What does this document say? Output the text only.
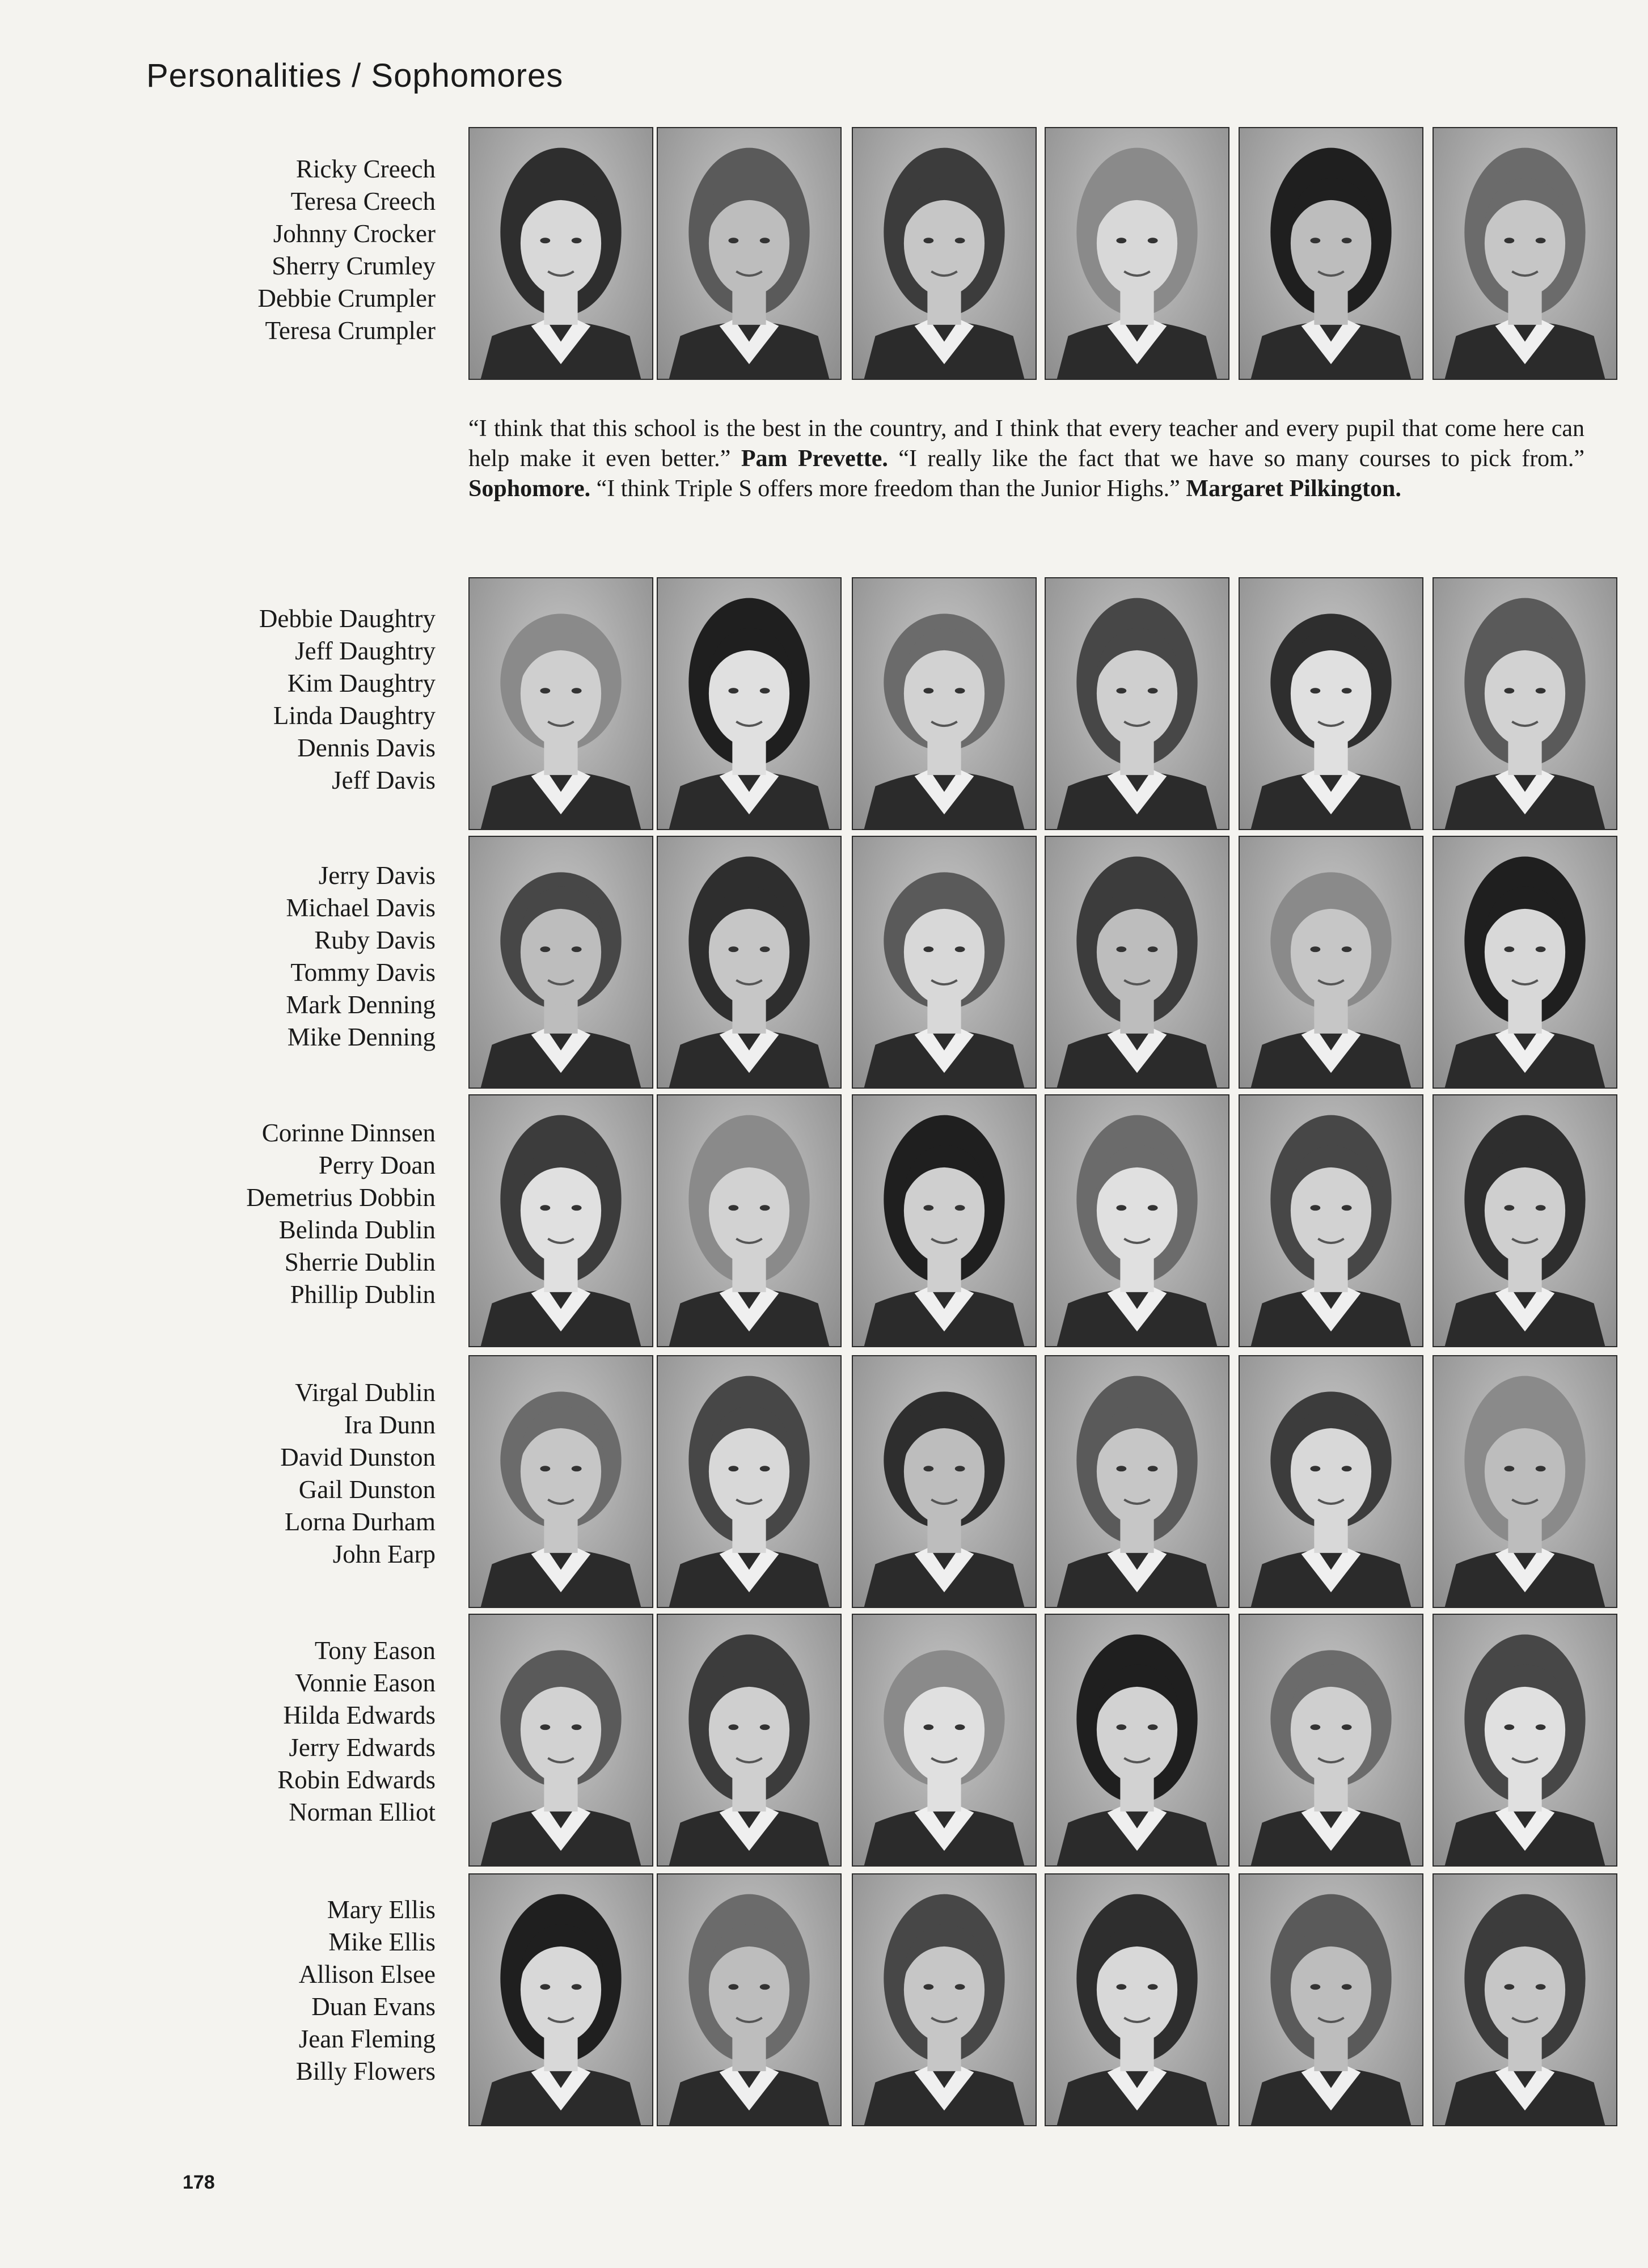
Personalities / Sophomores
“I think that this school is the best in the country, and I think that every teacher and every pupil that come here can help make it even better.” Pam Prevette. “I really like the fact that we have so many courses to pick from.” Sophomore. “I think Triple S offers more freedom than the Junior Highs.” Margaret Pilkington.
Ricky Creech
Teresa Creech
Johnny Crocker
Sherry Crumley
Debbie Crumpler
Teresa Crumpler
Debbie Daughtry
Jeff Daughtry
Kim Daughtry
Linda Daughtry
Dennis Davis
Jeff Davis
Jerry Davis
Michael Davis
Ruby Davis
Tommy Davis
Mark Denning
Mike Denning
Corinne Dinnsen
Perry Doan
Demetrius Dobbin
Belinda Dublin
Sherrie Dublin
Phillip Dublin
Virgal Dublin
Ira Dunn
David Dunston
Gail Dunston
Lorna Durham
John Earp
Tony Eason
Vonnie Eason
Hilda Edwards
Jerry Edwards
Robin Edwards
Norman Elliot
Mary Ellis
Mike Ellis
Allison Elsee
Duan Evans
Jean Fleming
Billy Flowers
178
